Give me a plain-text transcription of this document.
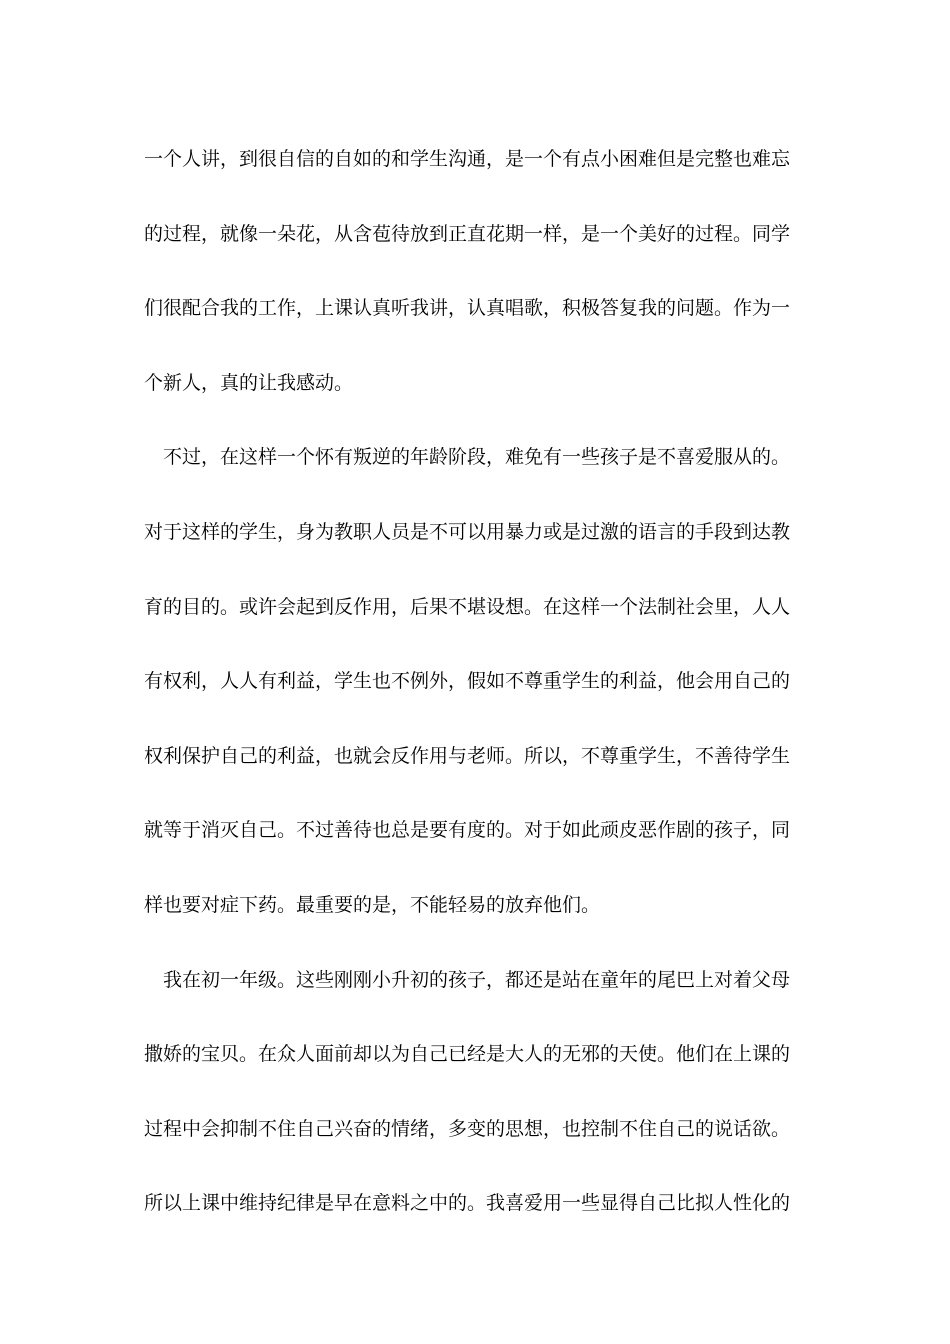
一个人讲，到很自信的自如的和学生沟通，是一个有点小困难但是完整也难忘
的过程，就像一朵花，从含苞待放到正直花期一样，是一个美好的过程。同学
们很配合我的工作，上课认真听我讲，认真唱歌，积极答复我的问题。作为一
个新人，真的让我感动。
不过，在这样一个怀有叛逆的年龄阶段，难免有一些孩子是不喜爱服从的。
对于这样的学生，身为教职人员是不可以用暴力或是过激的语言的手段到达教
育的目的。或许会起到反作用，后果不堪设想。在这样一个法制社会里，人人
有权利，人人有利益，学生也不例外，假如不尊重学生的利益，他会用自己的
权利保护自己的利益，也就会反作用与老师。所以，不尊重学生，不善待学生
就等于消灭自己。不过善待也总是要有度的。对于如此顽皮恶作剧的孩子，同
样也要对症下药。最重要的是，不能轻易的放弃他们。
我在初一年级。这些刚刚小升初的孩子，都还是站在童年的尾巴上对着父母
撒娇的宝贝。在众人面前却以为自己已经是大人的无邪的天使。他们在上课的
过程中会抑制不住自己兴奋的情绪，多变的思想，也控制不住自己的说话欲。
所以上课中维持纪律是早在意料之中的。我喜爱用一些显得自己比拟人性化的
